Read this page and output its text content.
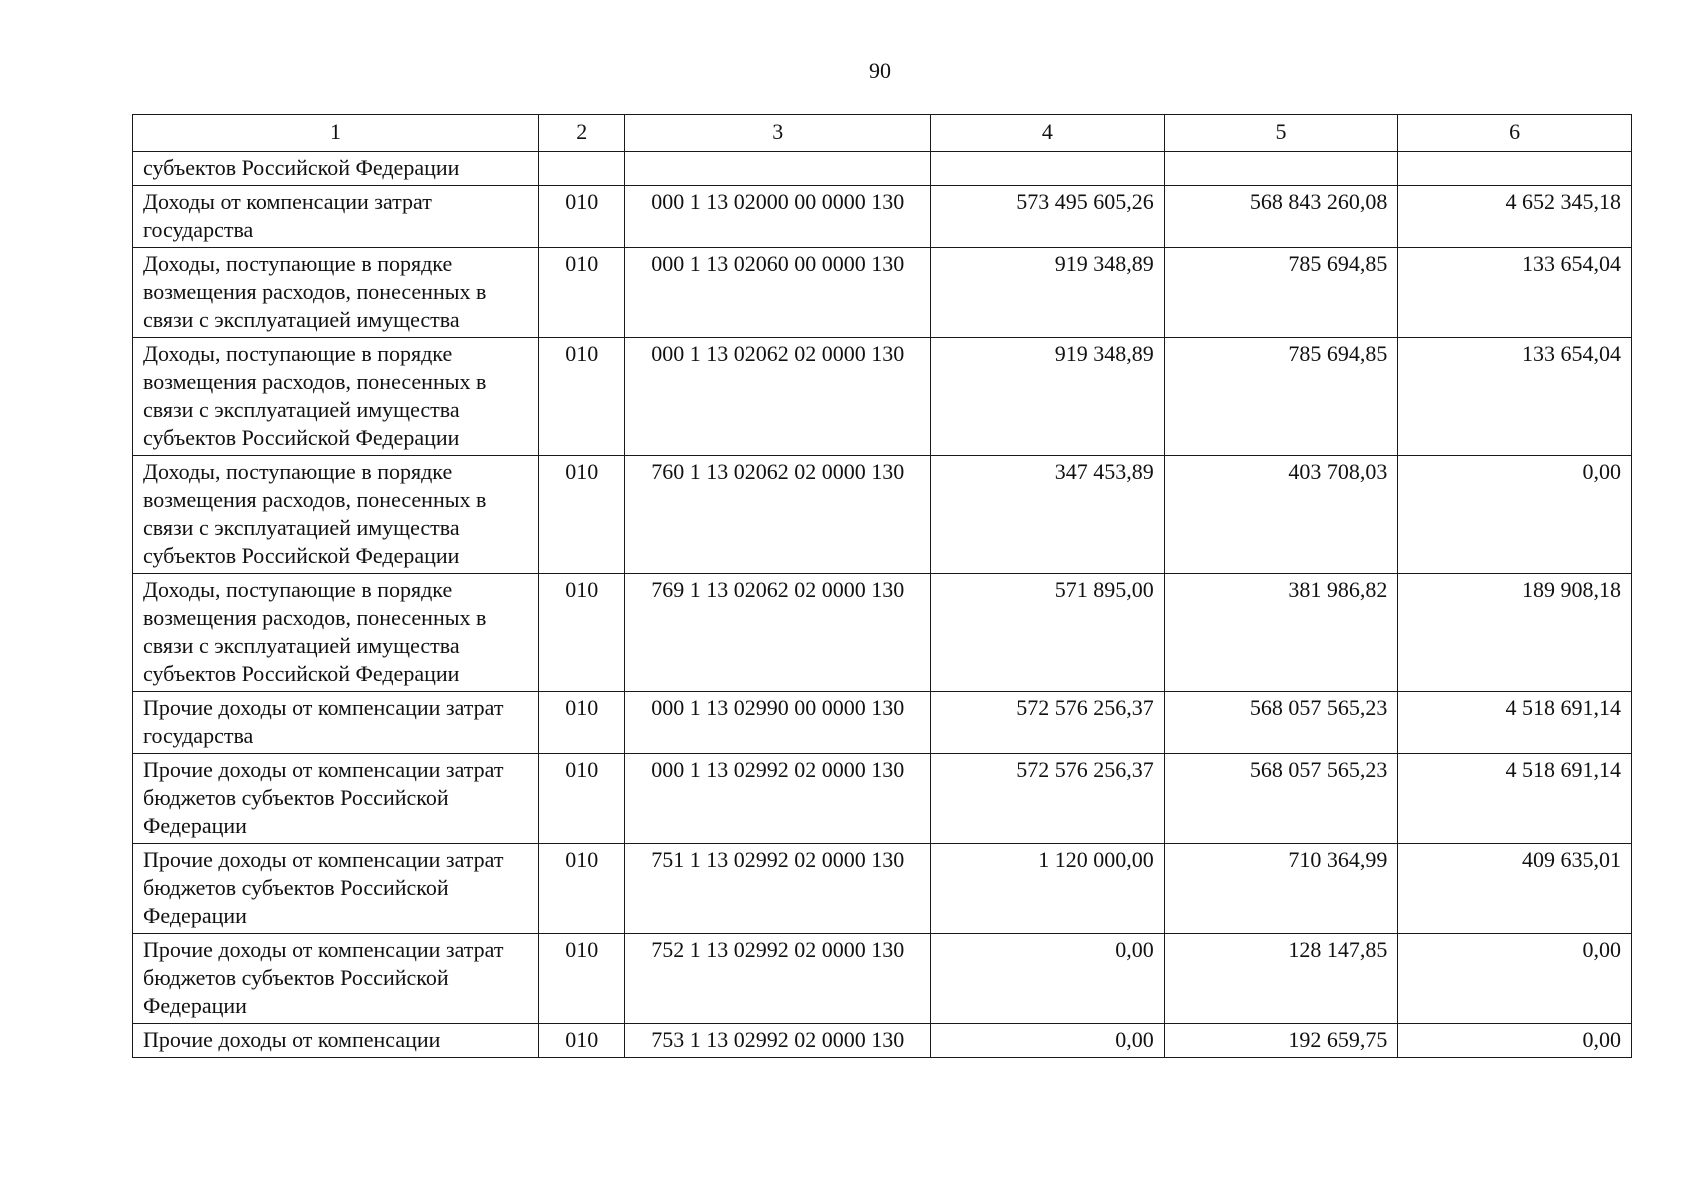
90
1	2	3	4	5	6
субъектов Российской Федерации					
Доходы от компенсации затрат государства	010	000 1 13 02000 00 0000 130	573 495 605,26	568 843 260,08	4 652 345,18
Доходы, поступающие в порядке возмещения расходов, понесенных в связи с эксплуатацией имущества	010	000 1 13 02060 00 0000 130	919 348,89	785 694,85	133 654,04
Доходы, поступающие в порядке возмещения расходов, понесенных в связи с эксплуатацией имущества субъектов Российской Федерации	010	000 1 13 02062 02 0000 130	919 348,89	785 694,85	133 654,04
Доходы, поступающие в порядке возмещения расходов, понесенных в связи с эксплуатацией имущества субъектов Российской Федерации	010	760 1 13 02062 02 0000 130	347 453,89	403 708,03	0,00
Доходы, поступающие в порядке возмещения расходов, понесенных в связи с эксплуатацией имущества субъектов Российской Федерации	010	769 1 13 02062 02 0000 130	571 895,00	381 986,82	189 908,18
Прочие доходы от компенсации затрат государства	010	000 1 13 02990 00 0000 130	572 576 256,37	568 057 565,23	4 518 691,14
Прочие доходы от компенсации затрат бюджетов субъектов Российской Федерации	010	000 1 13 02992 02 0000 130	572 576 256,37	568 057 565,23	4 518 691,14
Прочие доходы от компенсации затрат бюджетов субъектов Российской Федерации	010	751 1 13 02992 02 0000 130	1 120 000,00	710 364,99	409 635,01
Прочие доходы от компенсации затрат бюджетов субъектов Российской Федерации	010	752 1 13 02992 02 0000 130	0,00	128 147,85	0,00
Прочие доходы от компенсации	010	753 1 13 02992 02 0000 130	0,00	192 659,75	0,00
